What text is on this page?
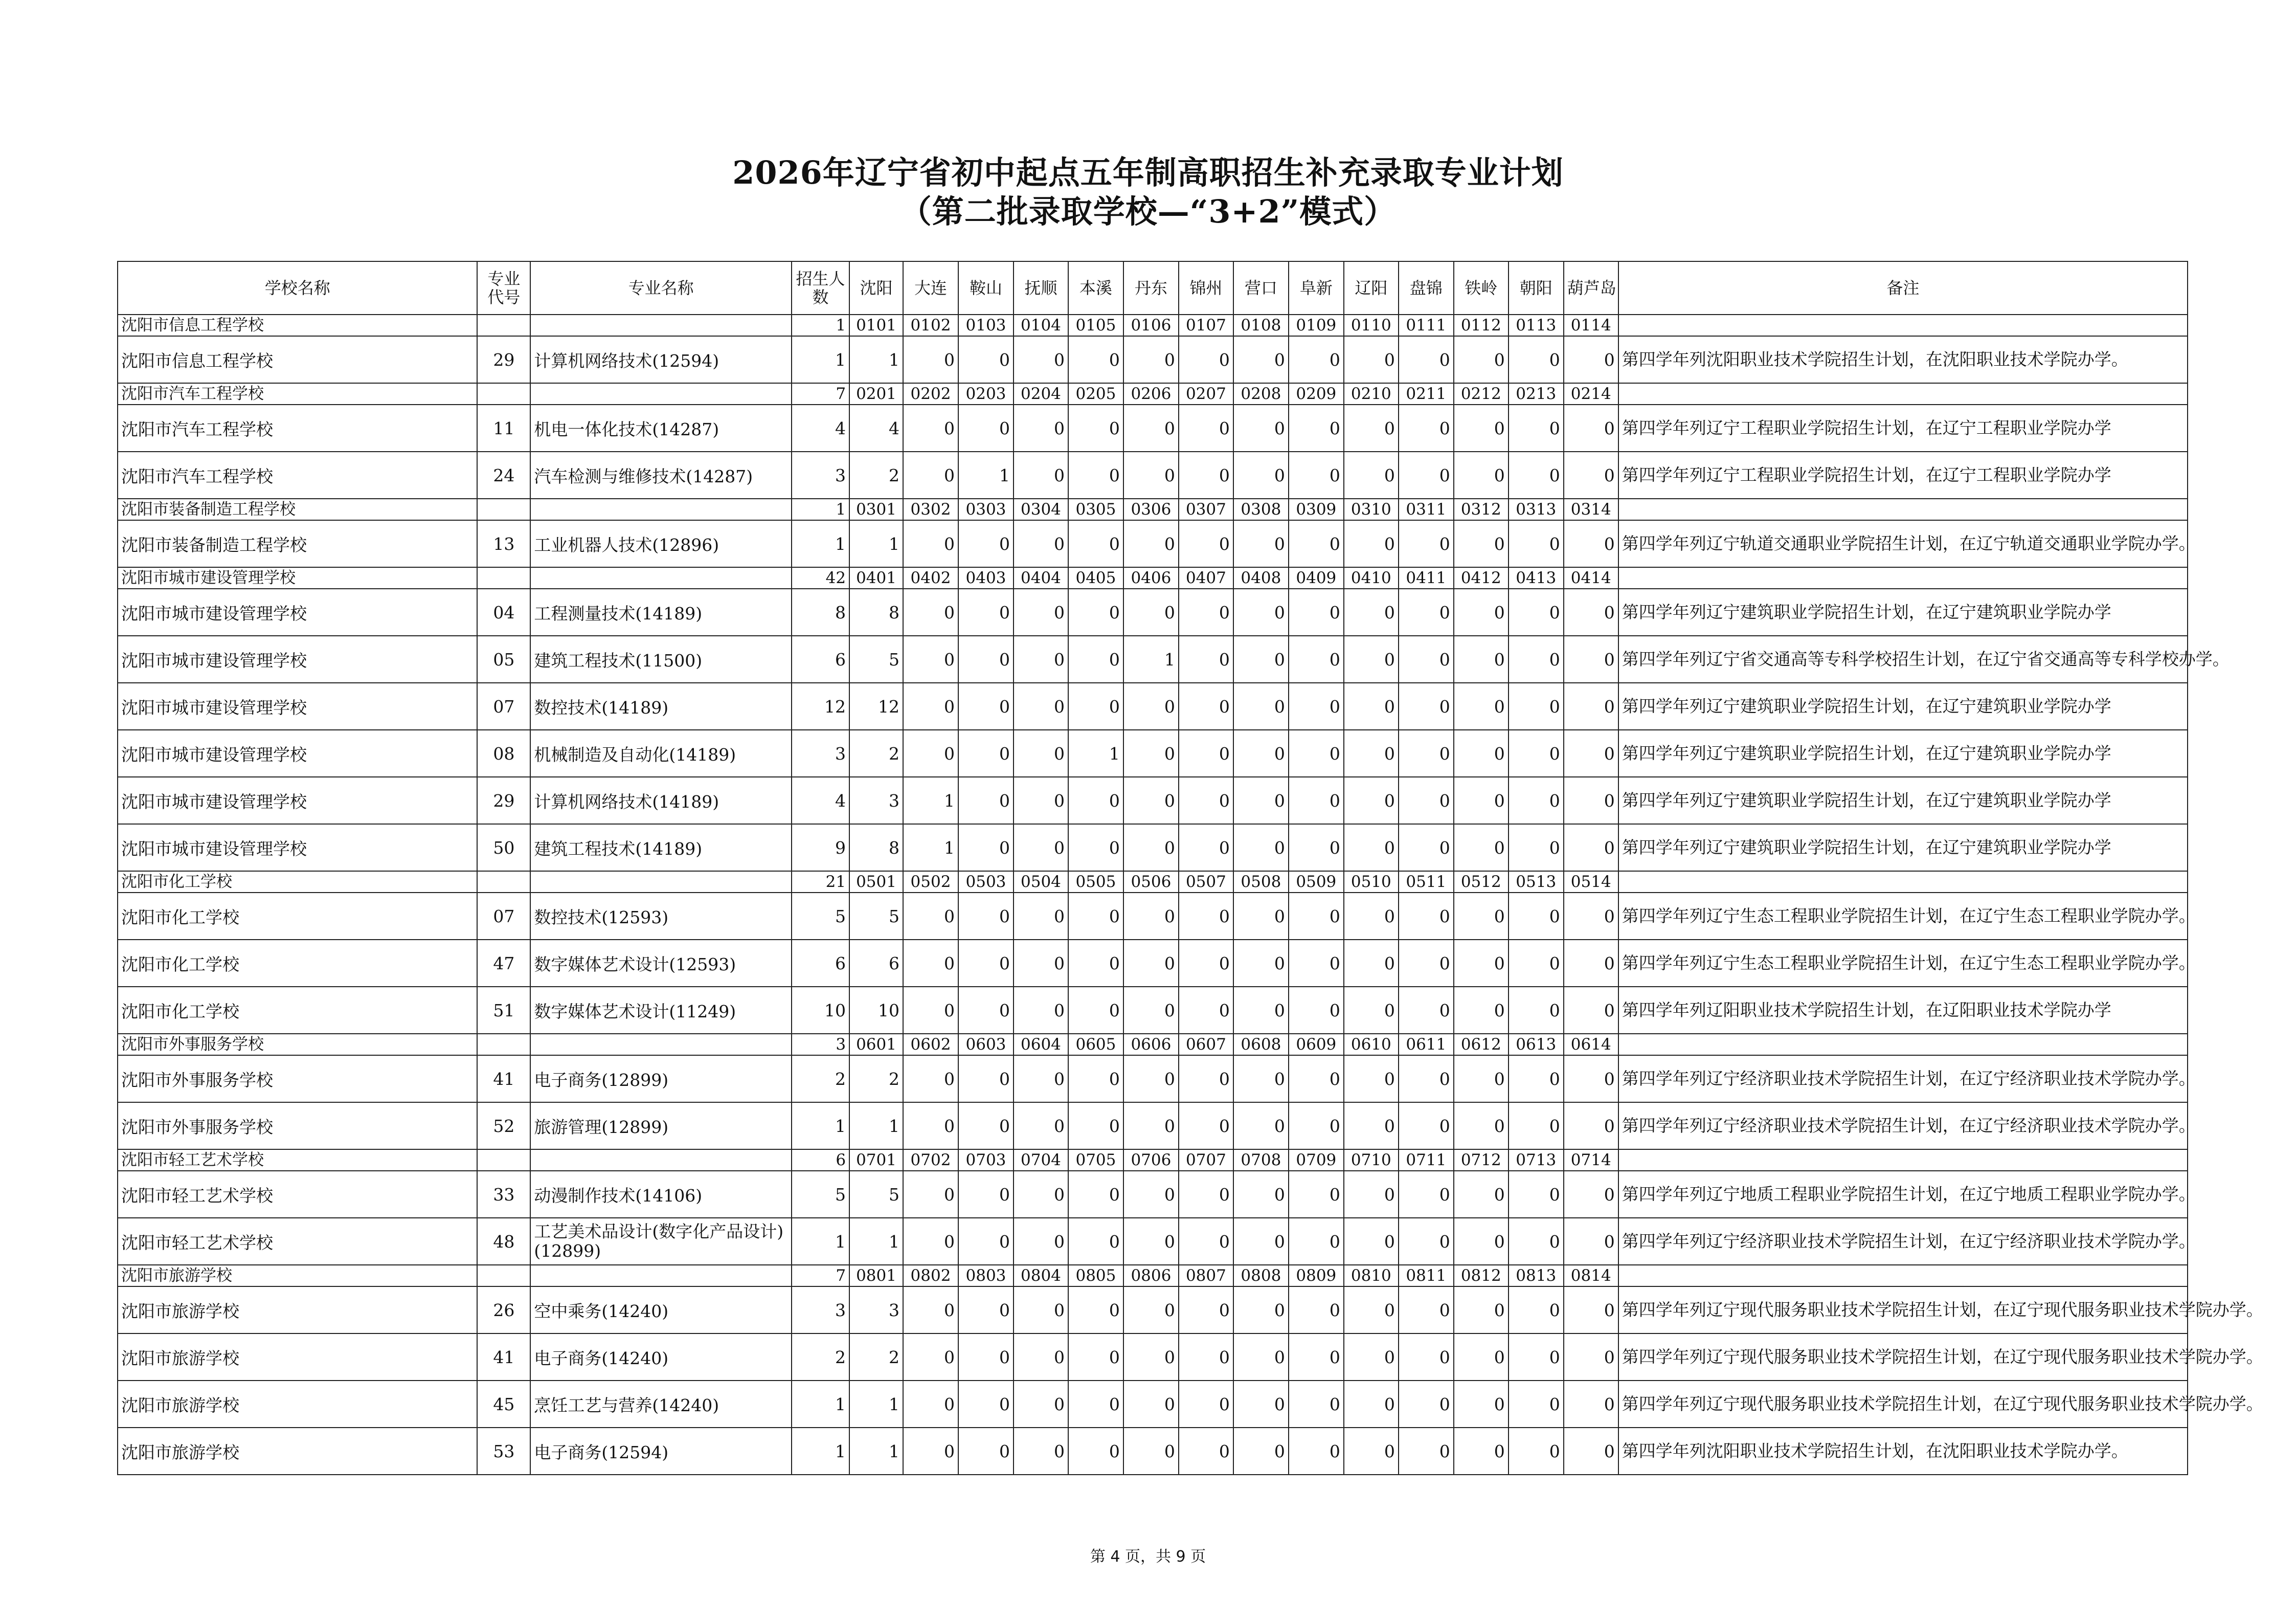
2026年辽宁省初中起点五年制高职招生补充录取专业计划
（第二批录取学校—“3+2”模式）
学校名称	专业代号	专业名称	招生人数	沈阳	大连	鞍山	抚顺	本溪	丹东	锦州	营口	阜新	辽阳	盘锦	铁岭	朝阳	葫芦岛	备注
沈阳市信息工程学校			1	0101	0102	0103	0104	0105	0106	0107	0108	0109	0110	0111	0112	0113	0114	
沈阳市信息工程学校	29	计算机网络技术(12594)	1	1	0	0	0	0	0	0	0	0	0	0	0	0	0	第四学年列沈阳职业技术学院招生计划，在沈阳职业技术学院办学。
沈阳市汽车工程学校			7	0201	0202	0203	0204	0205	0206	0207	0208	0209	0210	0211	0212	0213	0214	
沈阳市汽车工程学校	11	机电一体化技术(14287)	4	4	0	0	0	0	0	0	0	0	0	0	0	0	0	第四学年列辽宁工程职业学院招生计划，在辽宁工程职业学院办学
沈阳市汽车工程学校	24	汽车检测与维修技术(14287)	3	2	0	1	0	0	0	0	0	0	0	0	0	0	0	第四学年列辽宁工程职业学院招生计划，在辽宁工程职业学院办学
沈阳市装备制造工程学校			1	0301	0302	0303	0304	0305	0306	0307	0308	0309	0310	0311	0312	0313	0314	
沈阳市装备制造工程学校	13	工业机器人技术(12896)	1	1	0	0	0	0	0	0	0	0	0	0	0	0	0	第四学年列辽宁轨道交通职业学院招生计划，在辽宁轨道交通职业学院办学。
沈阳市城市建设管理学校			42	0401	0402	0403	0404	0405	0406	0407	0408	0409	0410	0411	0412	0413	0414	
沈阳市城市建设管理学校	04	工程测量技术(14189)	8	8	0	0	0	0	0	0	0	0	0	0	0	0	0	第四学年列辽宁建筑职业学院招生计划，在辽宁建筑职业学院办学
沈阳市城市建设管理学校	05	建筑工程技术(11500)	6	5	0	0	0	0	1	0	0	0	0	0	0	0	0	第四学年列辽宁省交通高等专科学校招生计划，在辽宁省交通高等专科学校办学。
沈阳市城市建设管理学校	07	数控技术(14189)	12	12	0	0	0	0	0	0	0	0	0	0	0	0	0	第四学年列辽宁建筑职业学院招生计划，在辽宁建筑职业学院办学
沈阳市城市建设管理学校	08	机械制造及自动化(14189)	3	2	0	0	0	1	0	0	0	0	0	0	0	0	0	第四学年列辽宁建筑职业学院招生计划，在辽宁建筑职业学院办学
沈阳市城市建设管理学校	29	计算机网络技术(14189)	4	3	1	0	0	0	0	0	0	0	0	0	0	0	0	第四学年列辽宁建筑职业学院招生计划，在辽宁建筑职业学院办学
沈阳市城市建设管理学校	50	建筑工程技术(14189)	9	8	1	0	0	0	0	0	0	0	0	0	0	0	0	第四学年列辽宁建筑职业学院招生计划，在辽宁建筑职业学院办学
沈阳市化工学校			21	0501	0502	0503	0504	0505	0506	0507	0508	0509	0510	0511	0512	0513	0514	
沈阳市化工学校	07	数控技术(12593)	5	5	0	0	0	0	0	0	0	0	0	0	0	0	0	第四学年列辽宁生态工程职业学院招生计划，在辽宁生态工程职业学院办学。
沈阳市化工学校	47	数字媒体艺术设计(12593)	6	6	0	0	0	0	0	0	0	0	0	0	0	0	0	第四学年列辽宁生态工程职业学院招生计划，在辽宁生态工程职业学院办学。
沈阳市化工学校	51	数字媒体艺术设计(11249)	10	10	0	0	0	0	0	0	0	0	0	0	0	0	0	第四学年列辽阳职业技术学院招生计划，在辽阳职业技术学院办学
沈阳市外事服务学校			3	0601	0602	0603	0604	0605	0606	0607	0608	0609	0610	0611	0612	0613	0614	
沈阳市外事服务学校	41	电子商务(12899)	2	2	0	0	0	0	0	0	0	0	0	0	0	0	0	第四学年列辽宁经济职业技术学院招生计划，在辽宁经济职业技术学院办学。
沈阳市外事服务学校	52	旅游管理(12899)	1	1	0	0	0	0	0	0	0	0	0	0	0	0	0	第四学年列辽宁经济职业技术学院招生计划，在辽宁经济职业技术学院办学。
沈阳市轻工艺术学校			6	0701	0702	0703	0704	0705	0706	0707	0708	0709	0710	0711	0712	0713	0714	
沈阳市轻工艺术学校	33	动漫制作技术(14106)	5	5	0	0	0	0	0	0	0	0	0	0	0	0	0	第四学年列辽宁地质工程职业学院招生计划，在辽宁地质工程职业学院办学。
沈阳市轻工艺术学校	48	工艺美术品设计(数字化产品设计)(12899)	1	1	0	0	0	0	0	0	0	0	0	0	0	0	0	第四学年列辽宁经济职业技术学院招生计划，在辽宁经济职业技术学院办学。
沈阳市旅游学校			7	0801	0802	0803	0804	0805	0806	0807	0808	0809	0810	0811	0812	0813	0814	
沈阳市旅游学校	26	空中乘务(14240)	3	3	0	0	0	0	0	0	0	0	0	0	0	0	0	第四学年列辽宁现代服务职业技术学院招生计划，在辽宁现代服务职业技术学院办学。
沈阳市旅游学校	41	电子商务(14240)	2	2	0	0	0	0	0	0	0	0	0	0	0	0	0	第四学年列辽宁现代服务职业技术学院招生计划，在辽宁现代服务职业技术学院办学。
沈阳市旅游学校	45	烹饪工艺与营养(14240)	1	1	0	0	0	0	0	0	0	0	0	0	0	0	0	第四学年列辽宁现代服务职业技术学院招生计划，在辽宁现代服务职业技术学院办学。
沈阳市旅游学校	53	电子商务(12594)	1	1	0	0	0	0	0	0	0	0	0	0	0	0	0	第四学年列沈阳职业技术学院招生计划，在沈阳职业技术学院办学。
第 4 页，共 9 页
